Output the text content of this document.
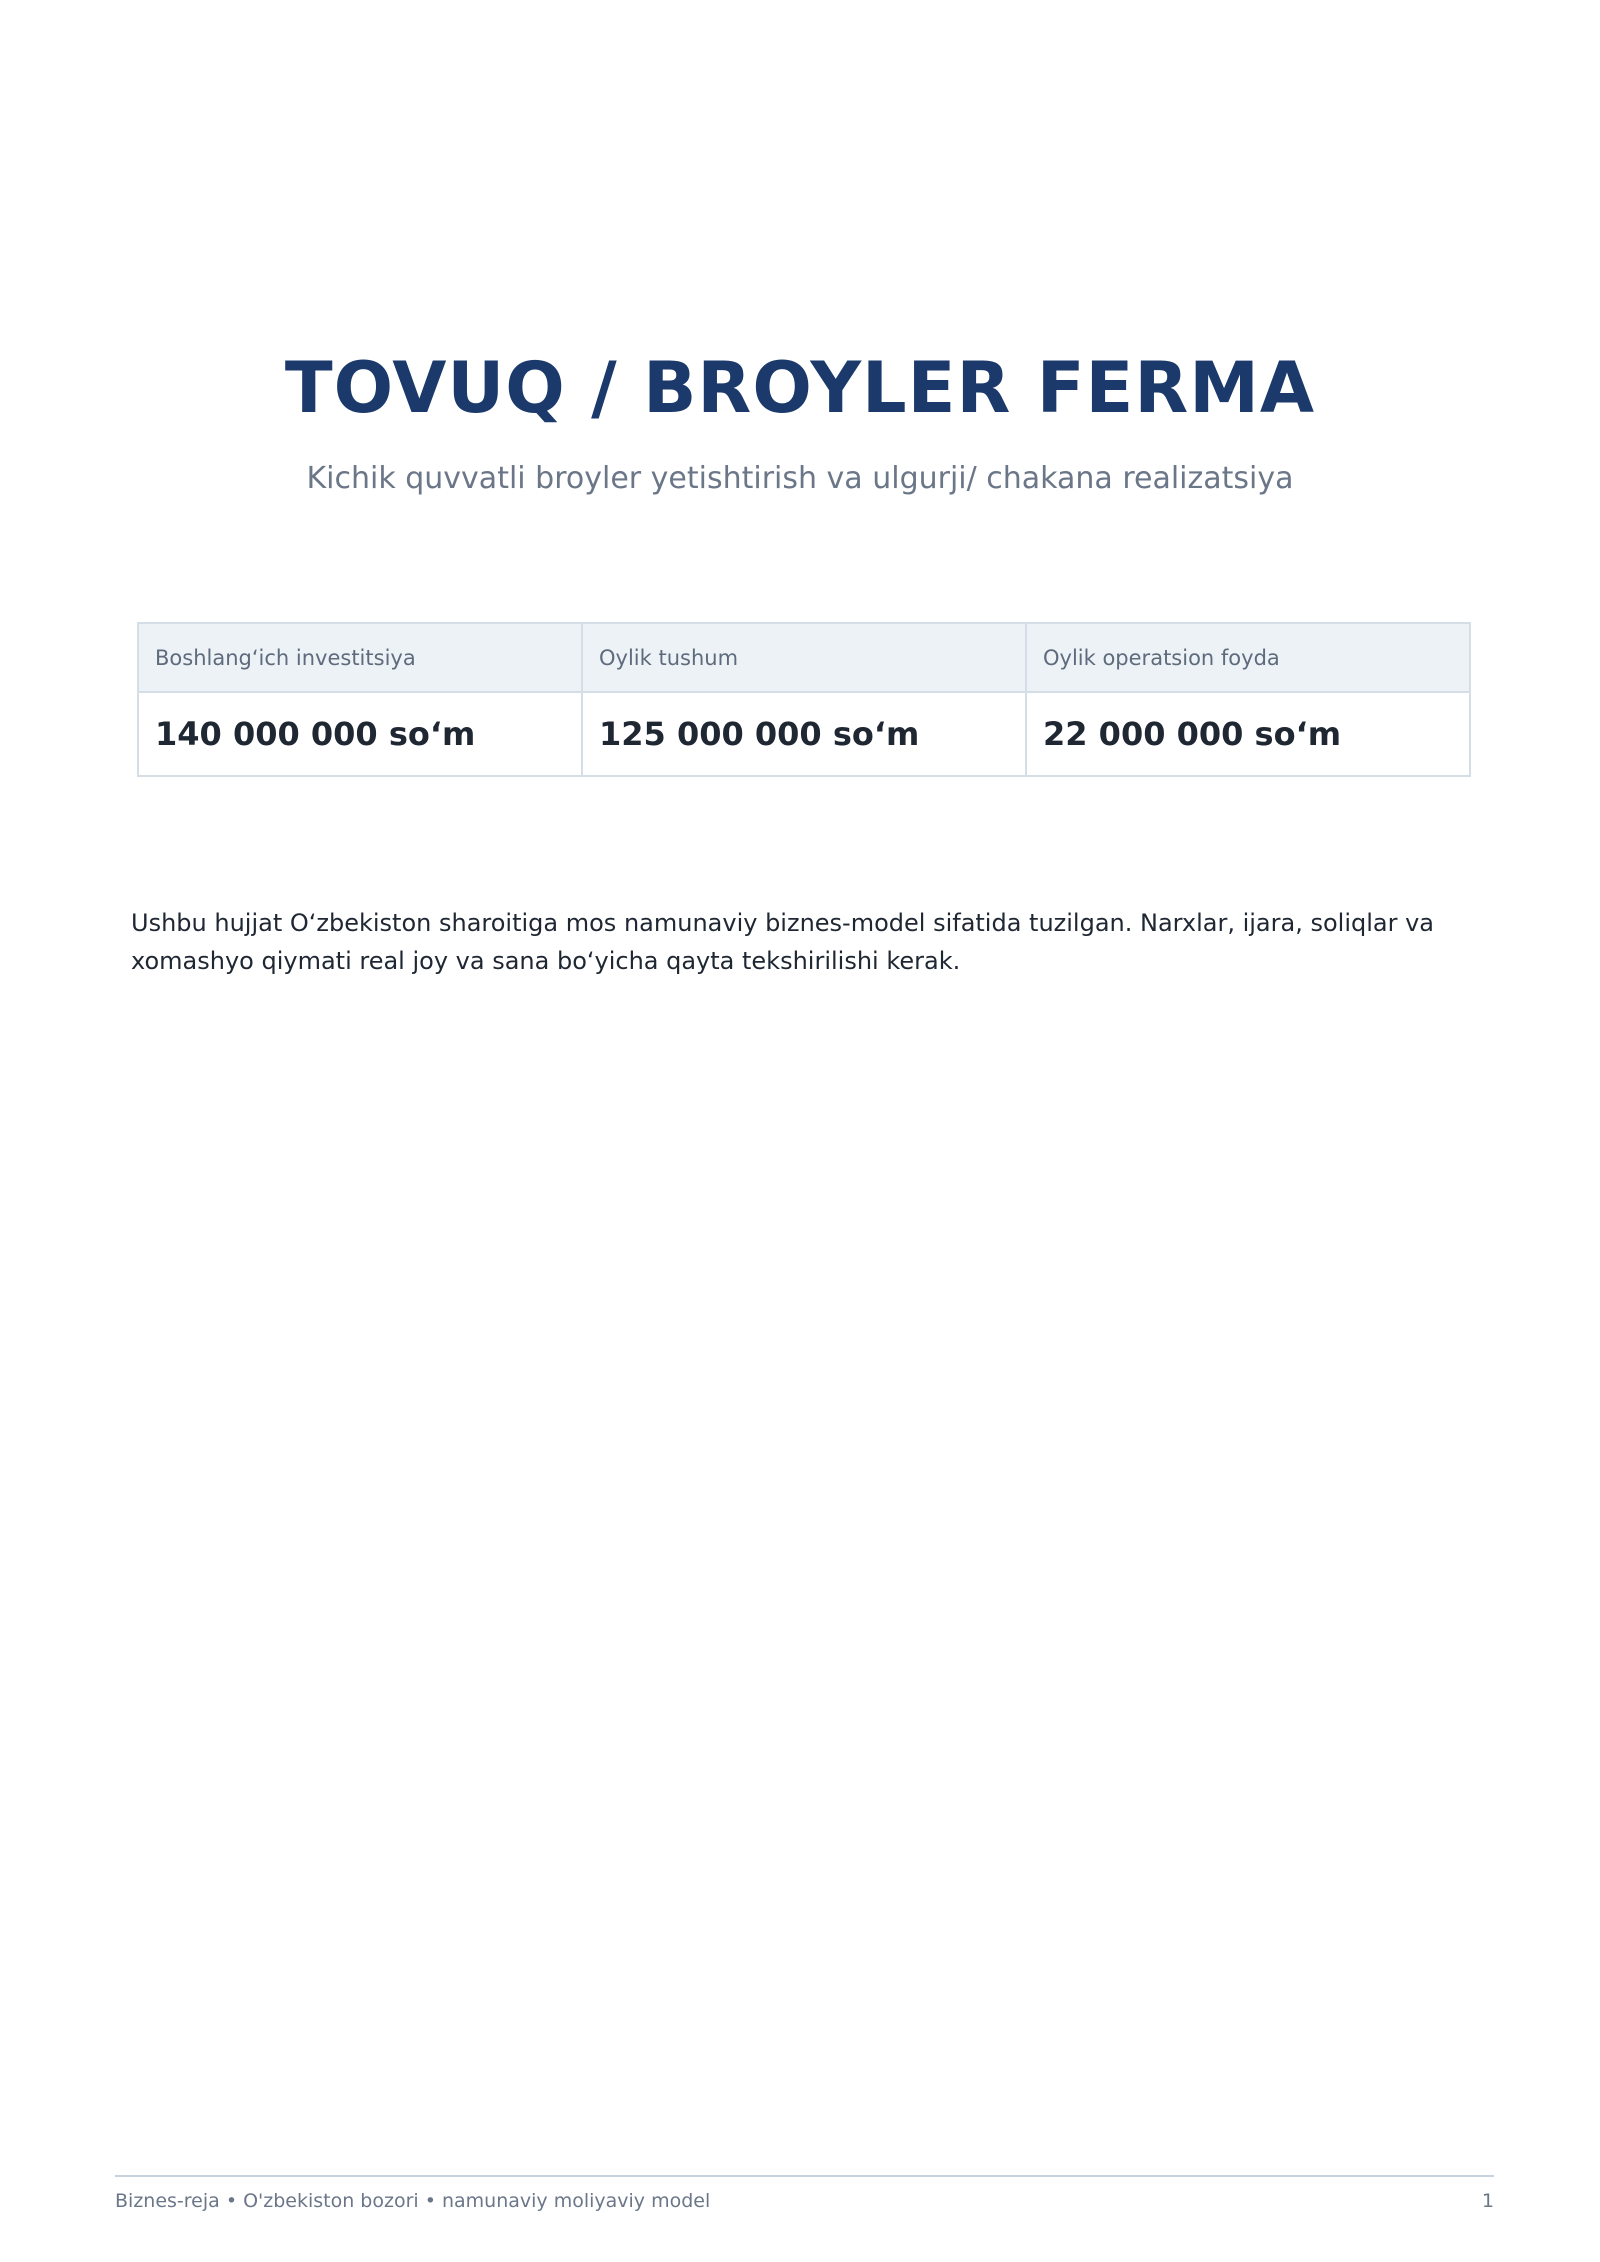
TOVUQ / BROYLER FERMA
Kichik quvvatli broyler yetishtirish va ulgurji/ chakana realizatsiya
Boshlang‘ich investitsiya	Oylik tushum	Oylik operatsion foyda
140 000 000 so‘m	125 000 000 so‘m	22 000 000 so‘m

Ushbu hujjat O‘zbekiston sharoitiga mos namunaviy biznes-model sifatida tuzilgan. Narxlar, ijara, soliqlar va xomashyo qiymati real joy va sana bo‘yicha qayta tekshirilishi kerak.

Biznes-reja • O'zbekiston bozori • namunaviy moliyaviy model	1
